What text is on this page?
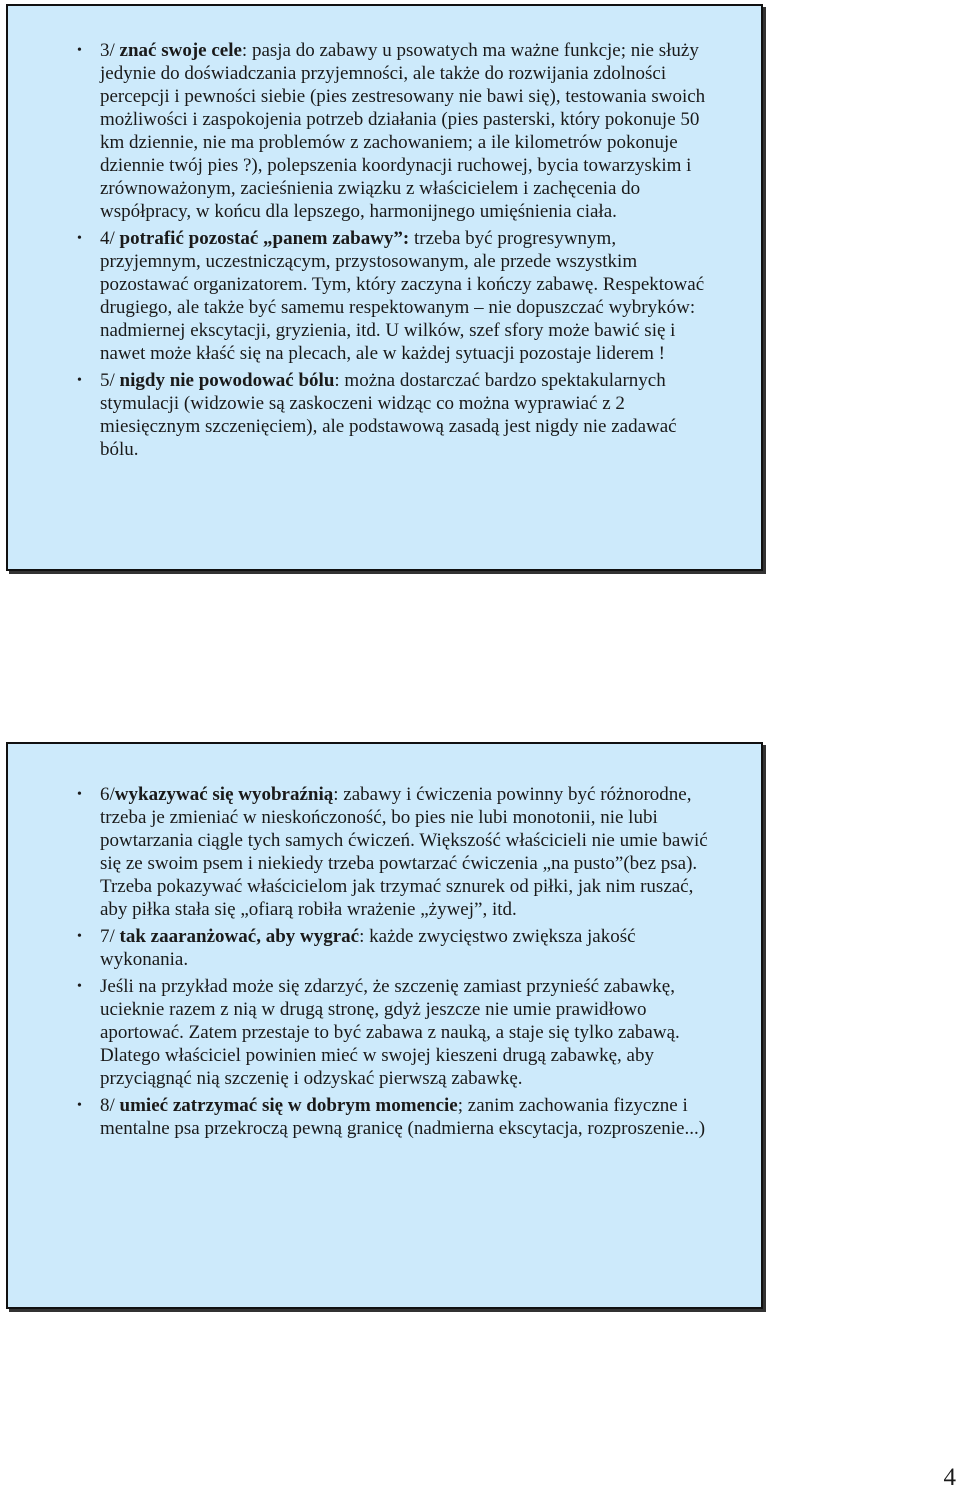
• 3/ znać swoje cele: pasja do zabawy u psowatych ma ważne funkcje; nie służy jedynie do doświadczania przyjemności, ale także do rozwijania zdolności percepcji i pewności siebie (pies zestresowany nie bawi się), testowania swoich możliwości i zaspokojenia potrzeb działania (pies pasterski, który pokonuje 50 km dziennie, nie ma problemów z zachowaniem; a ile kilometrów pokonuje dziennie twój pies ?), polepszenia koordynacji ruchowej, bycia towarzyskim i zrównoważonym, zacieśnienia związku z właścicielem i zachęcenia do współpracy, w końcu dla lepszego, harmonijnego umięśnienia ciała.
• 4/ potrafić pozostać „panem zabawy”: trzeba być progresywnym, przyjemnym, uczestniczącym, przystosowanym, ale przede wszystkim pozostawać organizatorem. Tym, który zaczyna i kończy zabawę. Respektować drugiego, ale także być samemu respektowanym – nie dopuszczać wybryków: nadmiernej ekscytacji, gryzienia, itd. U wilków, szef sfory może bawić się i nawet może kłaść się na plecach, ale w każdej sytuacji pozostaje liderem !
• 5/ nigdy nie powodować bólu: można dostarczać bardzo spektakularnych stymulacji (widzowie są zaskoczeni widząc co można wyprawiać z 2 miesięcznym szczenięciem), ale podstawową zasadą jest nigdy nie zadawać bólu.
• 6/wykazywać się wyobraźnią: zabawy i ćwiczenia powinny być różnorodne, trzeba je zmieniać w nieskończoność, bo pies nie lubi monotonii, nie lubi powtarzania ciągle tych samych ćwiczeń. Większość właścicieli nie umie bawić się ze swoim psem i niekiedy trzeba powtarzać ćwiczenia „na pusto”(bez psa). Trzeba pokazywać właścicielom jak trzymać sznurek od piłki, jak nim ruszać, aby piłka stała się „ofiarą robiła wrażenie „żywej”, itd.
• 7/ tak zaaranżować, aby wygrać: każde zwycięstwo zwiększa jakość wykonania.
• Jeśli na przykład może się zdarzyć, że szczenię zamiast przynieść zabawkę, ucieknie razem z nią w drugą stronę, gdyż jeszcze nie umie prawidłowo aportować. Zatem przestaje to być zabawa z nauką, a staje się tylko zabawą. Dlatego właściciel powinien mieć w swojej kieszeni drugą zabawkę, aby przyciągnąć nią szczenię i odzyskać pierwszą zabawkę.
• 8/ umieć zatrzymać się w dobrym momencie; zanim zachowania fizyczne i mentalne psa przekroczą pewną granicę (nadmierna ekscytacja, rozproszenie...)
4
